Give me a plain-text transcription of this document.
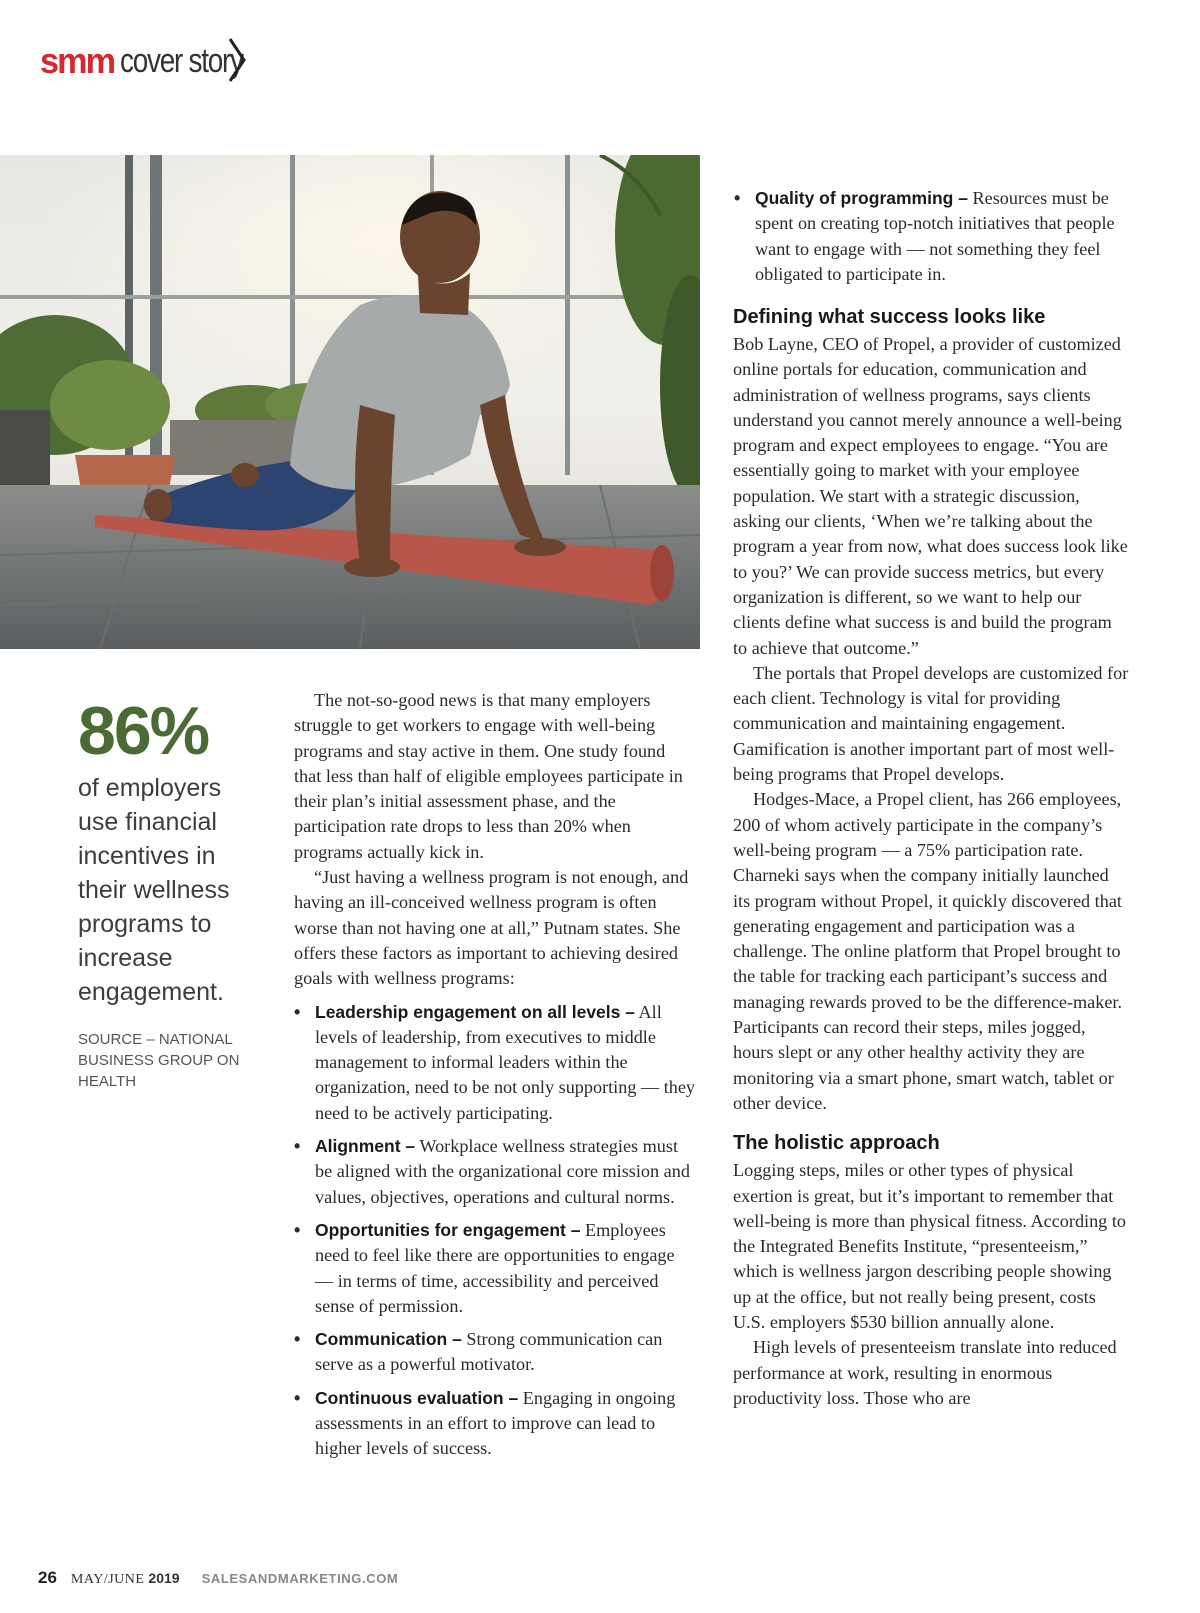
smm cover story
86%
of employers use financial incentives in their wellness programs to increase engagement.
SOURCE – NATIONAL BUSINESS GROUP ON HEALTH

The not-so-good news is that many employers struggle to get workers to engage with well-being programs and stay active in them. One study found that less than half of eligible employees participate in their plan’s initial assessment phase, and the participation rate drops to less than 20% when programs actually kick in.

“Just having a wellness program is not enough, and having an ill-conceived wellness program is often worse than not having one at all,” Putnam states. She offers these factors as important to achieving desired goals with wellness programs:

• Leadership engagement on all levels – All levels of leadership, from executives to middle management to informal leaders within the organization, need to be not only supporting — they need to be actively participating.
• Alignment – Workplace wellness strategies must be aligned with the organizational core mission and values, objectives, operations and cultural norms.
• Opportunities for engagement – Employees need to feel like there are opportunities to engage — in terms of time, accessibility and perceived sense of permission.
• Communication – Strong communication can serve as a powerful motivator.
• Continuous evaluation – Engaging in ongoing assessments in an effort to improve can lead to higher levels of success.
• Quality of programming – Resources must be spent on creating top-notch initiatives that people want to engage with — not something they feel obligated to participate in.
Defining what success looks like

Bob Layne, CEO of Propel, a provider of customized online portals for education, communication and administration of wellness programs, says clients understand you cannot merely announce a well-being program and expect employees to engage. “You are essentially going to market with your employee population. We start with a strategic discussion, asking our clients, ‘When we’re talking about the program a year from now, what does success look like to you?’ We can provide success metrics, but every organization is different, so we want to help our clients define what success is and build the program to achieve that outcome.”

The portals that Propel develops are customized for each client. Technology is vital for providing communication and maintaining engagement. Gamification is another important part of most well-being programs that Propel develops.

Hodges-Mace, a Propel client, has 266 employees, 200 of whom actively participate in the company’s well-being program — a 75% participation rate. Charneki says when the company initially launched its program without Propel, it quickly discovered that generating engagement and participation was a challenge. The online platform that Propel brought to the table for tracking each participant’s success and managing rewards proved to be the difference-maker. Participants can record their steps, miles jogged, hours slept or any other healthy activity they are monitoring via a smart phone, smart watch, tablet or other device.

The holistic approach

Logging steps, miles or other types of physical exertion is great, but it’s important to remember that well-being is more than physical fitness. According to the Integrated Benefits Institute, “presenteeism,” which is wellness jargon describing people showing up at the office, but not really being present, costs U.S. employers $530 billion annually alone.

High levels of presenteeism translate into reduced performance at work, resulting in enormous productivity loss. Those who are

26 MAY/JUNE 2019 SALESANDMARKETING.COM
